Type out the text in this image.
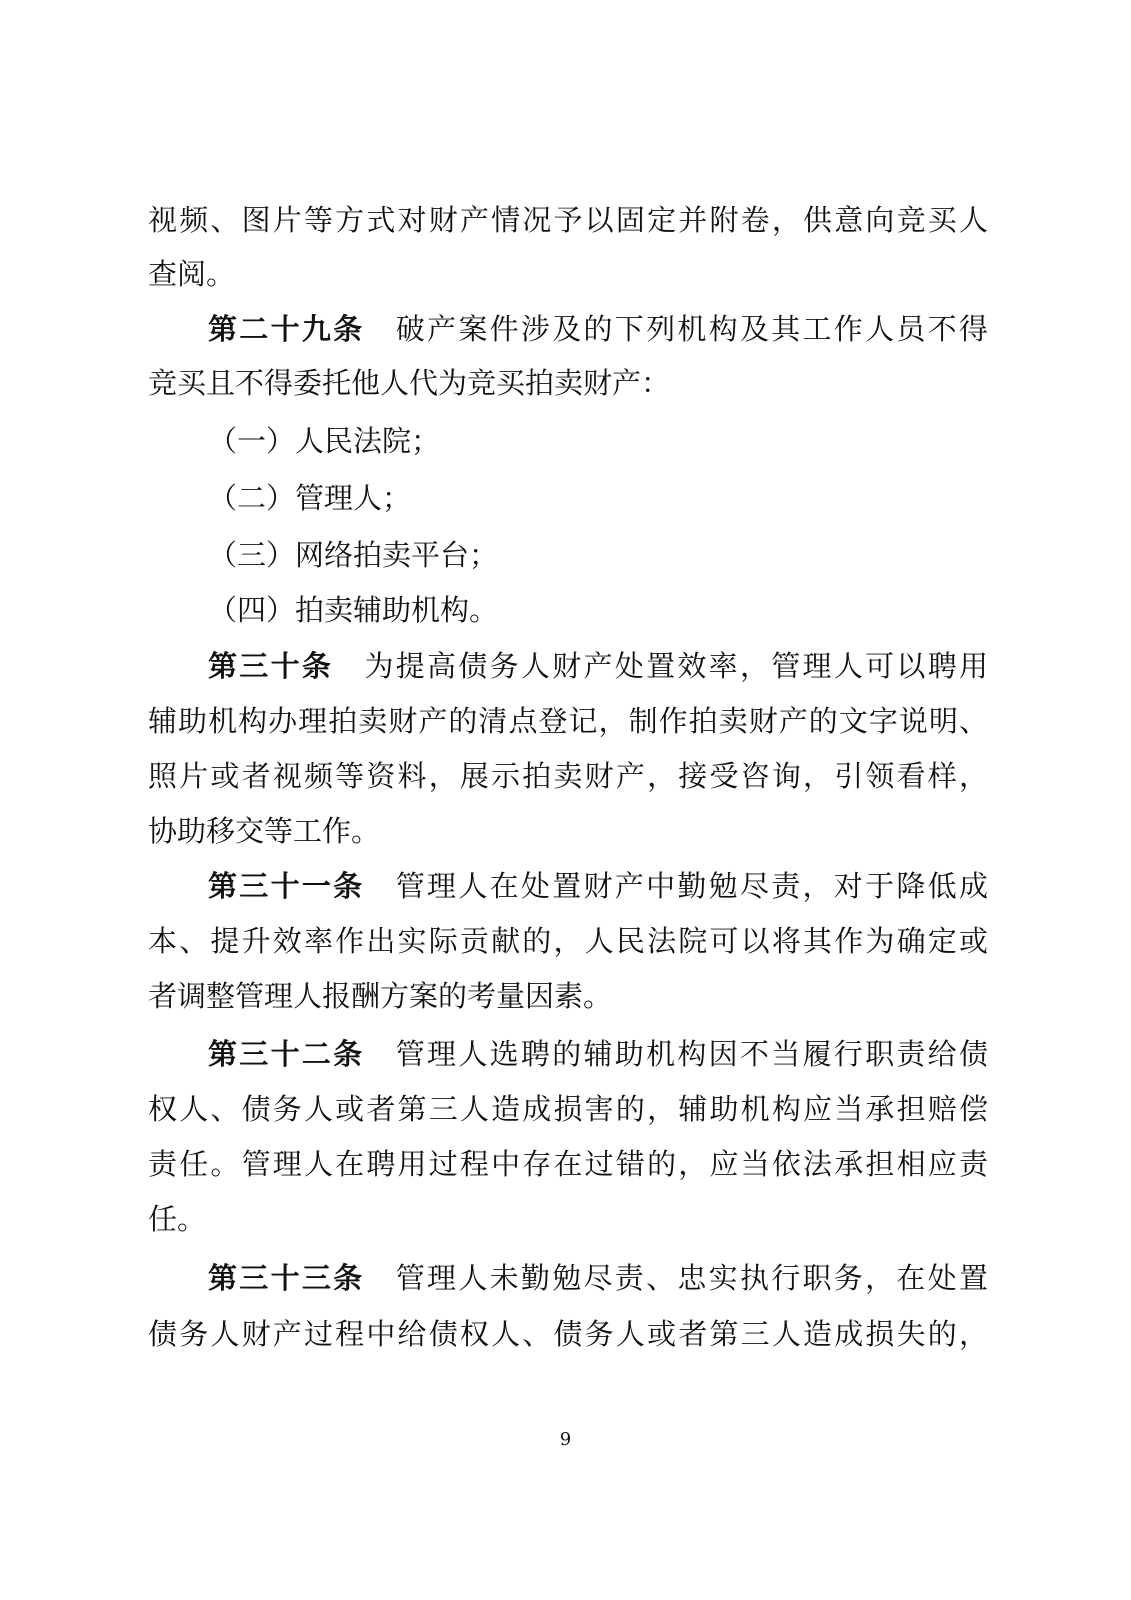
视频、图片等方式对财产情况予以固定并附卷，供意向竞买人
查阅。
第二十九条 破产案件涉及的下列机构及其工作人员不得
竞买且不得委托他人代为竞买拍卖财产：
（一）人民法院；
（二）管理人；
（三）网络拍卖平台；
（四）拍卖辅助机构。
第三十条 为提高债务人财产处置效率，管理人可以聘用
辅助机构办理拍卖财产的清点登记，制作拍卖财产的文字说明、
照片或者视频等资料，展示拍卖财产，接受咨询，引领看样，
协助移交等工作。
第三十一条 管理人在处置财产中勤勉尽责，对于降低成
本、提升效率作出实际贡献的，人民法院可以将其作为确定或
者调整管理人报酬方案的考量因素。
第三十二条 管理人选聘的辅助机构因不当履行职责给债
权人、债务人或者第三人造成损害的，辅助机构应当承担赔偿
责任。管理人在聘用过程中存在过错的，应当依法承担相应责
任。
第三十三条 管理人未勤勉尽责、忠实执行职务，在处置
债务人财产过程中给债权人、债务人或者第三人造成损失的，
9
